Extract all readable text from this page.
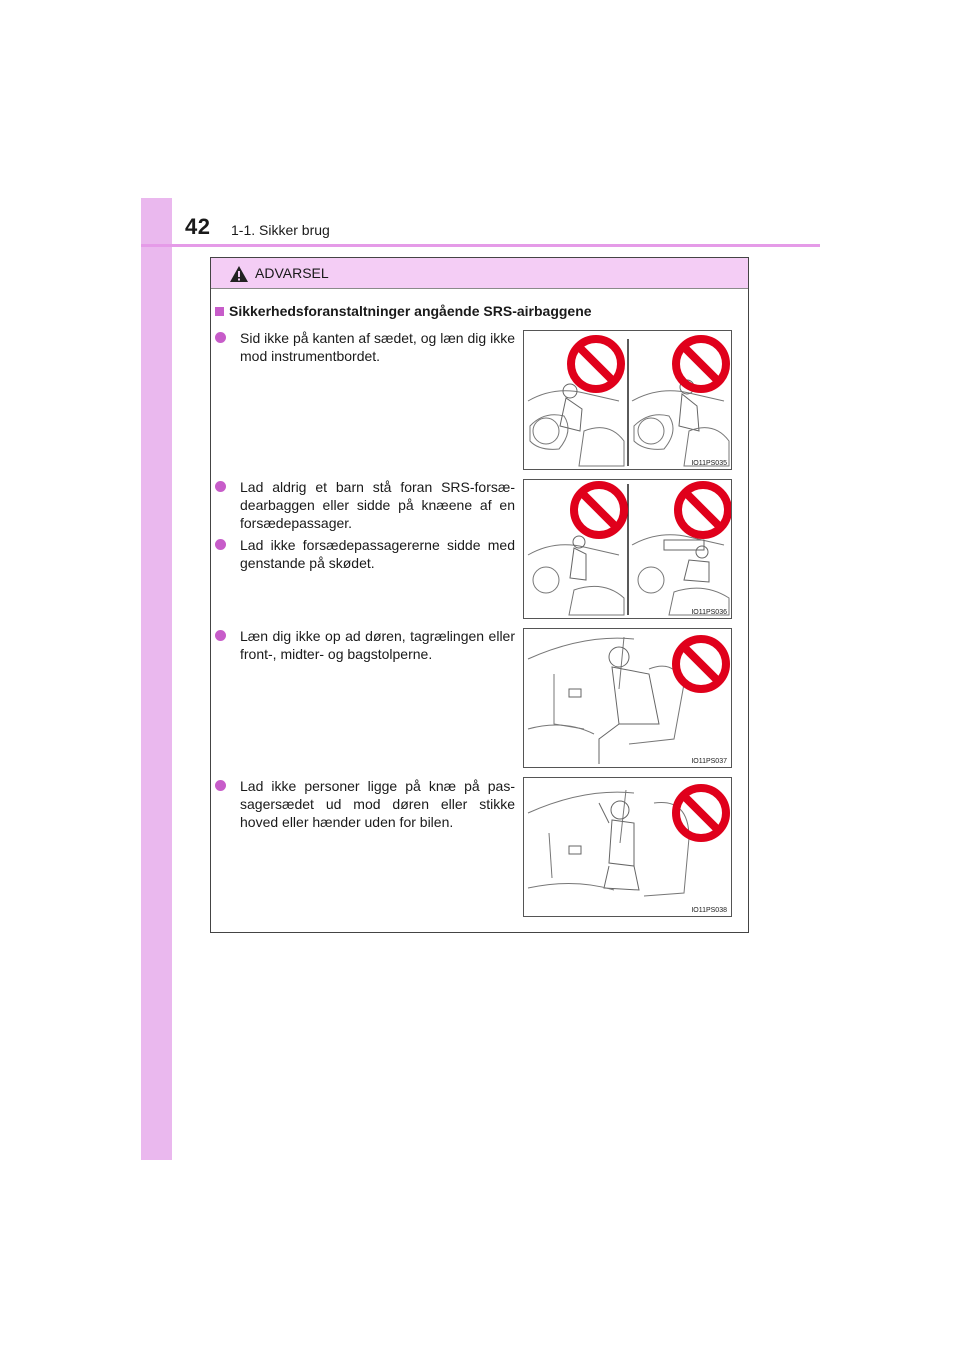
42 1-1. Sikker brug
ADVARSEL
Sikkerhedsforanstaltninger angående SRS-airbaggene
Sid ikke på kanten af sædet, og læn dig ikke mod instrumentbordet.
Lad aldrig et barn stå foran SRS-forsæ-dearbaggen eller sidde på knæene af en forsædepassager.
Lad ikke forsædepassagererne sidde med genstande på skødet.
Læn dig ikke op ad døren, tagrælingen eller front-, midter- og bagstolperne.
Lad ikke personer ligge på knæ på pas-sagersædet ud mod døren eller stikke hoved eller hænder uden for bilen.
IO11PS035
IO11PS036
IO11PS037
IO11PS038
